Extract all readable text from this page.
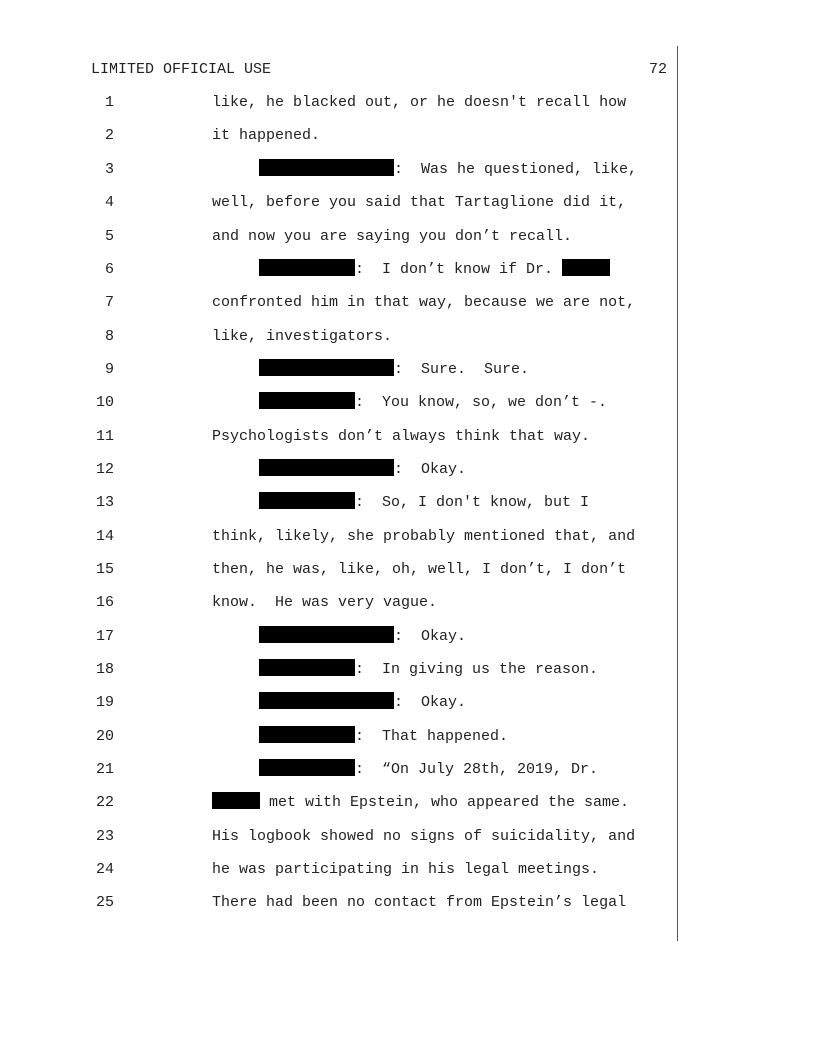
LIMITED OFFICIAL USE	72
1	like, he blacked out, or he doesn't recall how
2	it happened.
3	:  Was he questioned, like,
4	well, before you said that Tartaglione did it,
5	and now you are saying you don’t recall.
6	:  I don’t know if Dr.
7	confronted him in that way, because we are not,
8	like, investigators.
9	:  Sure.  Sure.
10	:  You know, so, we don’t -.
11	Psychologists don’t always think that way.
12	:  Okay.
13	:  So, I don't know, but I
14	think, likely, she probably mentioned that, and
15	then, he was, like, oh, well, I don’t, I don’t
16	know.  He was very vague.
17	:  Okay.
18	:  In giving us the reason.
19	:  Okay.
20	:  That happened.
21	:  “On July 28th, 2019, Dr.
22	met with Epstein, who appeared the same.
23	His logbook showed no signs of suicidality, and
24	he was participating in his legal meetings.
25	There had been no contact from Epstein’s legal
